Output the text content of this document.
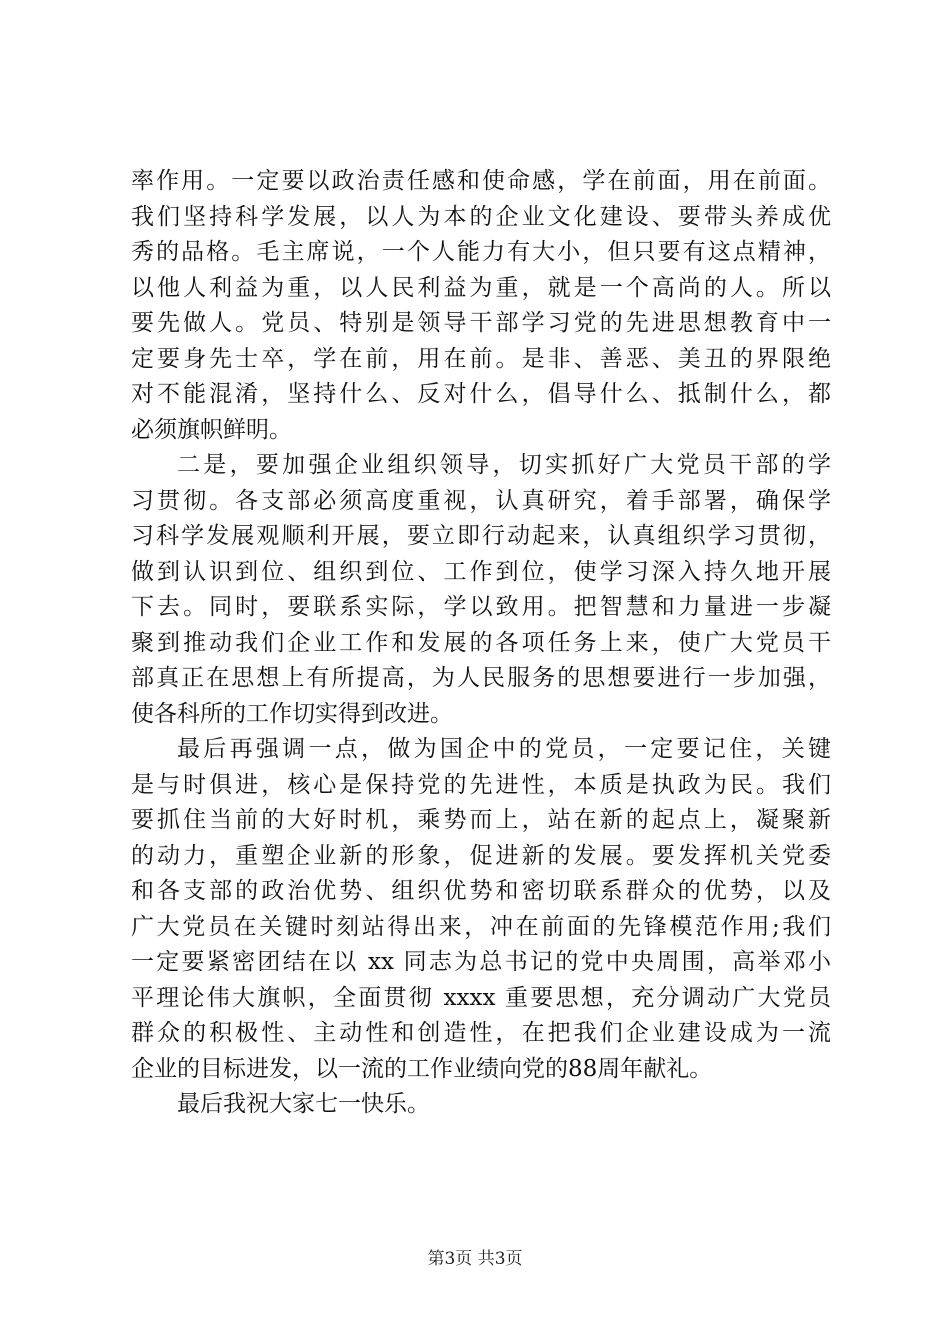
率作用。一定要以政治责任感和使命感，学在前面，用在前面。
我们坚持科学发展，以人为本的企业文化建设、要带头养成优
秀的品格。毛主席说，一个人能力有大小，但只要有这点精神，
以他人利益为重，以人民利益为重，就是一个高尚的人。所以
要先做人。党员、特别是领导干部学习党的先进思想教育中一
定要身先士卒，学在前，用在前。是非、善恶、美丑的界限绝
对不能混淆，坚持什么、反对什么，倡导什么、抵制什么，都
必须旗帜鲜明。
二是，要加强企业组织领导，切实抓好广大党员干部的学
习贯彻。各支部必须高度重视，认真研究，着手部署，确保学
习科学发展观顺利开展，要立即行动起来，认真组织学习贯彻，
做到认识到位、组织到位、工作到位，使学习深入持久地开展
下去。同时，要联系实际，学以致用。把智慧和力量进一步凝
聚到推动我们企业工作和发展的各项任务上来，使广大党员干
部真正在思想上有所提高，为人民服务的思想要进行一步加强，
使各科所的工作切实得到改进。
最后再强调一点，做为国企中的党员，一定要记住，关键
是与时俱进，核心是保持党的先进性，本质是执政为民。我们
要抓住当前的大好时机，乘势而上，站在新的起点上，凝聚新
的动力，重塑企业新的形象，促进新的发展。要发挥机关党委
和各支部的政治优势、组织优势和密切联系群众的优势，以及
广大党员在关键时刻站得出来，冲在前面的先锋模范作用;我们
一定要紧密团结在以 xx 同志为总书记的党中央周围，高举邓小
平理论伟大旗帜，全面贯彻 xxxx 重要思想，充分调动广大党员
群众的积极性、主动性和创造性，在把我们企业建设成为一流
企业的目标进发，以一流的工作业绩向党的88周年献礼。
最后我祝大家七一快乐。
第3页 共3页
